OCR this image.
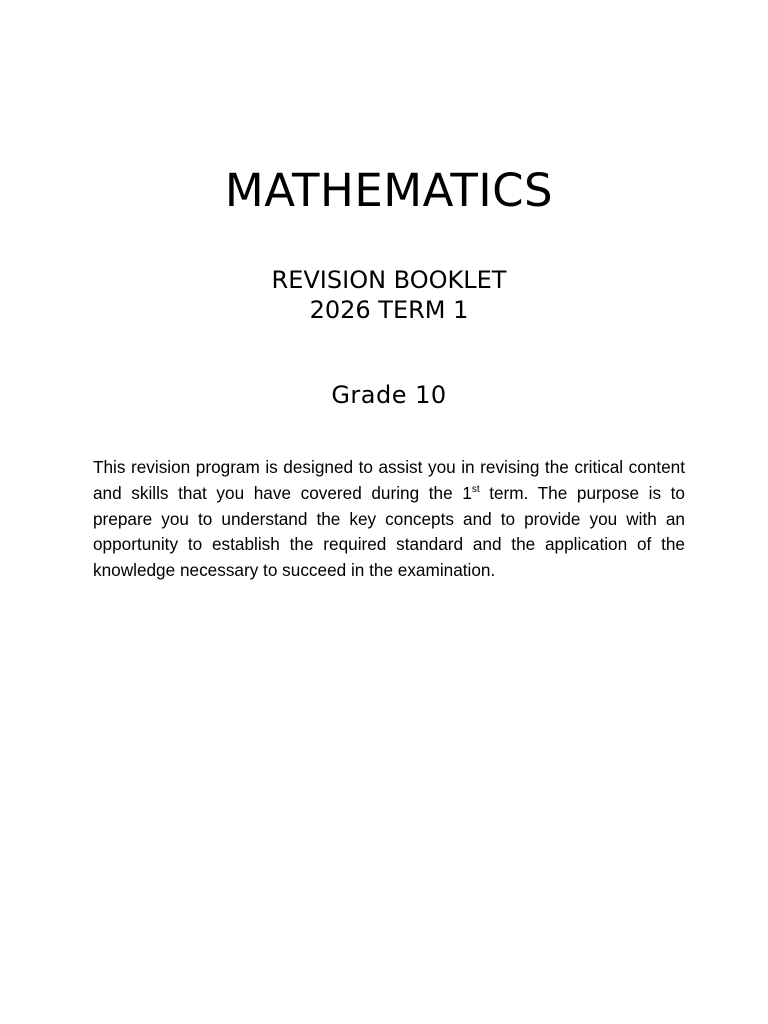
MATHEMATICS
REVISION BOOKLET
2026 TERM 1
Grade 10

This revision program is designed to assist you in revising the critical content and skills that you have covered during the 1st term. The purpose is to prepare you to understand the key concepts and to provide you with an opportunity to establish the required standard and the application of the knowledge necessary to succeed in the examination.
